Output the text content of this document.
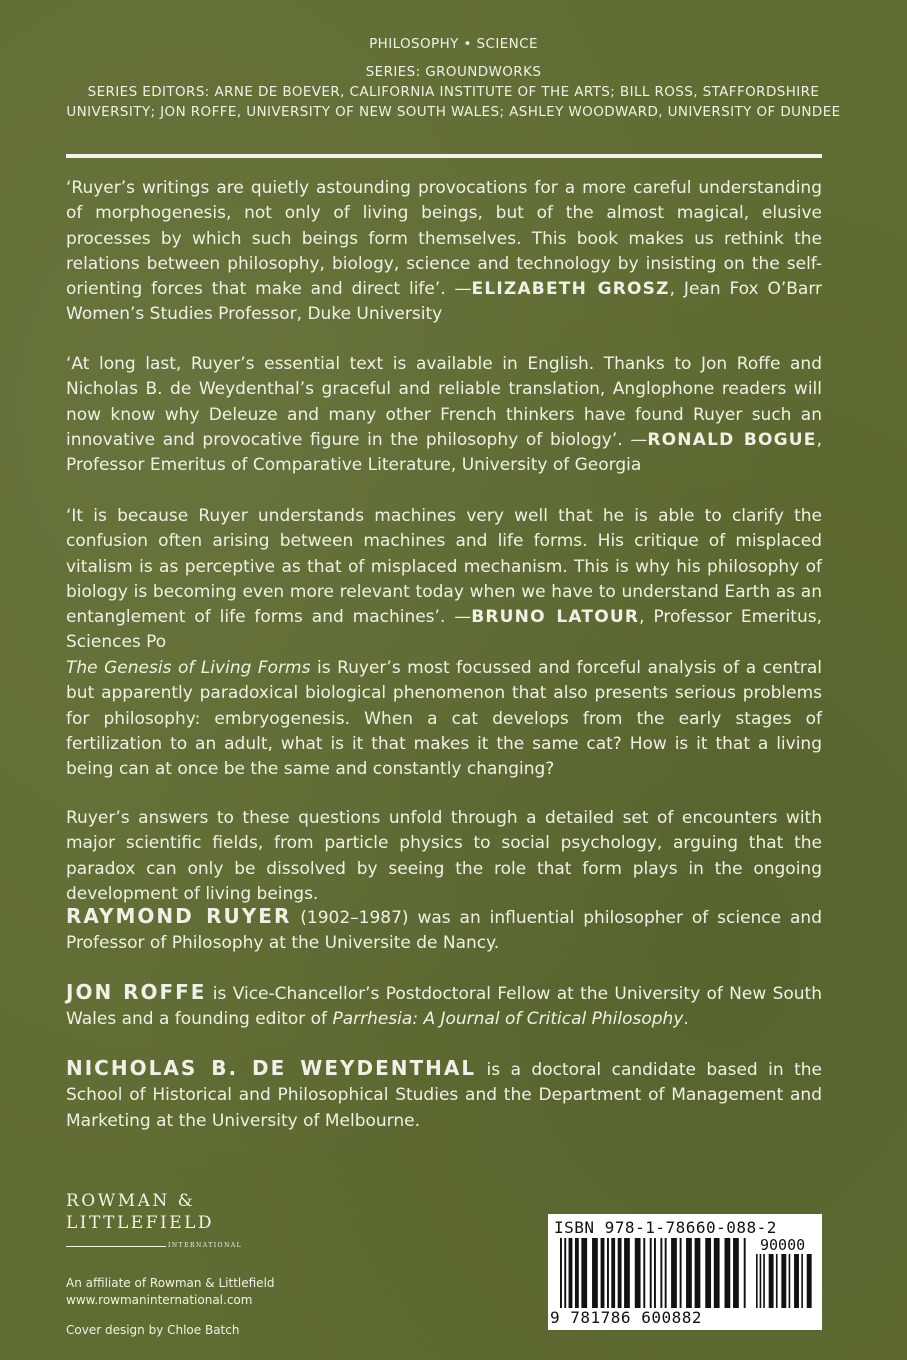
PHILOSOPHY • SCIENCE
SERIES: GROUNDWORKS
SERIES EDITORS: ARNE DE BOEVER, CALIFORNIA INSTITUTE OF THE ARTS; BILL ROSS, STAFFORDSHIRE
UNIVERSITY; JON ROFFE, UNIVERSITY OF NEW SOUTH WALES; ASHLEY WOODWARD, UNIVERSITY OF DUNDEE
‘Ruyer’s writings are quietly astounding provocations for a more careful understanding of morphogenesis, not only of living beings, but of the almost magical, elusive processes by which such beings form themselves. This book makes us rethink the relations between philosophy, biology, science and technology by insisting on the self-orienting forces that make and direct life’. —ELIZABETH GROSZ, Jean Fox O’Barr Women’s Studies Professor, Duke University
‘At long last, Ruyer’s essential text is available in English. Thanks to Jon Roffe and Nicholas B. de Weydenthal’s graceful and reliable translation, Anglophone readers will now know why Deleuze and many other French thinkers have found Ruyer such an innovative and provocative figure in the philosophy of biology’. —RONALD BOGUE, Professor Emeritus of Comparative Literature, University of Georgia
‘It is because Ruyer understands machines very well that he is able to clarify the confusion often arising between machines and life forms. His critique of misplaced vitalism is as perceptive as that of misplaced mechanism. This is why his philosophy of biology is becoming even more relevant today when we have to understand Earth as an entanglement of life forms and machines’. —BRUNO LATOUR, Professor Emeritus, Sciences Po
The Genesis of Living Forms is Ruyer’s most focussed and forceful analysis of a central but apparently paradoxical biological phenomenon that also presents serious problems for philosophy: embryogenesis. When a cat develops from the early stages of fertilization to an adult, what is it that makes it the same cat? How is it that a living being can at once be the same and constantly changing?
Ruyer’s answers to these questions unfold through a detailed set of encounters with major scientific fields, from particle physics to social psychology, arguing that the paradox can only be dissolved by seeing the role that form plays in the ongoing development of living beings.
RAYMOND RUYER (1902–1987) was an influential philosopher of science and Professor of Philosophy at the Universite de Nancy.
JON ROFFE is Vice-Chancellor’s Postdoctoral Fellow at the University of New South Wales and a founding editor of Parrhesia: A Journal of Critical Philosophy.
NICHOLAS B. DE WEYDENTHAL is a doctoral candidate based in the School of Historical and Philosophical Studies and the Department of Management and Marketing at the University of Melbourne.
ROWMAN &
LITTLEFIELD
INTERNATIONAL
An affiliate of Rowman & Littlefield
www.rowmaninternational.com
Cover design by Chloe Batch
ISBN 978-1-78660-088-2
90000
9 781786 600882
